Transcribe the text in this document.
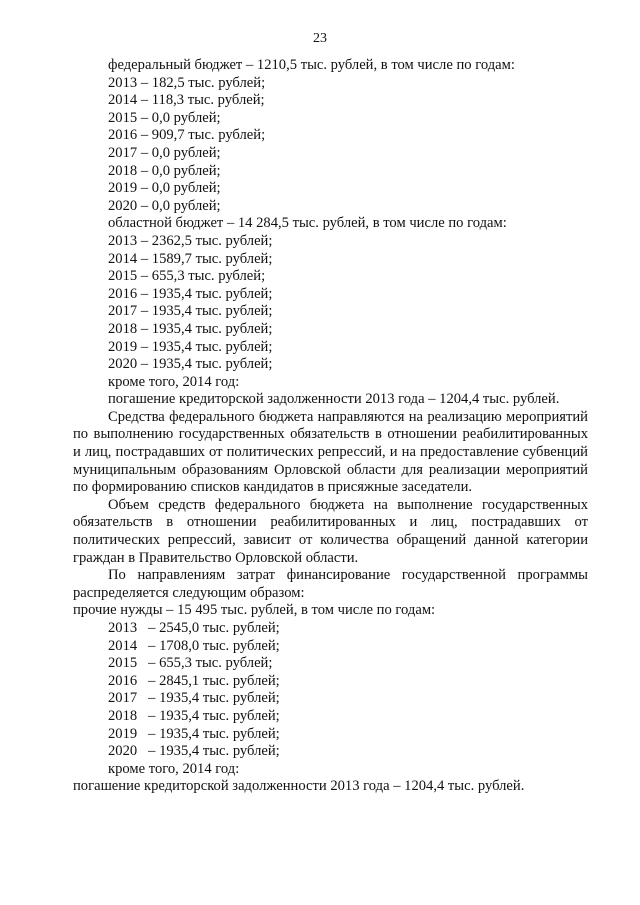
23
федеральный бюджет – 1210,5 тыс. рублей, в том числе по годам:
2013 – 182,5 тыс. рублей;
2014 – 118,3 тыс. рублей;
2015 – 0,0 рублей;
2016 – 909,7 тыс. рублей;
2017 – 0,0 рублей;
2018 – 0,0 рублей;
2019 – 0,0 рублей;
2020 – 0,0 рублей;
областной бюджет – 14 284,5 тыс. рублей, в том числе по годам:
2013 – 2362,5 тыс. рублей;
2014 – 1589,7 тыс. рублей;
2015 – 655,3 тыс. рублей;
2016 – 1935,4 тыс. рублей;
2017 – 1935,4 тыс. рублей;
2018 – 1935,4 тыс. рублей;
2019 – 1935,4 тыс. рублей;
2020 – 1935,4 тыс. рублей;
кроме того, 2014 год:
погашение кредиторской задолженности 2013 года – 1204,4 тыс. рублей.
Средства федерального бюджета направляются на реализацию мероприятий по выполнению государственных обязательств в отношении реабилитированных и лиц, пострадавших от политических репрессий, и на предоставление субвенций муниципальным образованиям Орловской области для реализации мероприятий по формированию списков кандидатов в присяжные заседатели.
Объем средств федерального бюджета на выполнение государственных обязательств в отношении реабилитированных и лиц, пострадавших от политических репрессий, зависит от количества обращений данной категории граждан в Правительство Орловской области.
По направлениям затрат финансирование государственной программы распределяется следующим образом:
прочие нужды – 15 495 тыс. рублей, в том числе по годам:
2013   – 2545,0 тыс. рублей;
2014   – 1708,0 тыс. рублей;
2015   – 655,3 тыс. рублей;
2016   – 2845,1 тыс. рублей;
2017   – 1935,4 тыс. рублей;
2018   – 1935,4 тыс. рублей;
2019   – 1935,4 тыс. рублей;
2020   – 1935,4 тыс. рублей;
кроме того, 2014 год:
погашение кредиторской задолженности 2013 года – 1204,4 тыс. рублей.
